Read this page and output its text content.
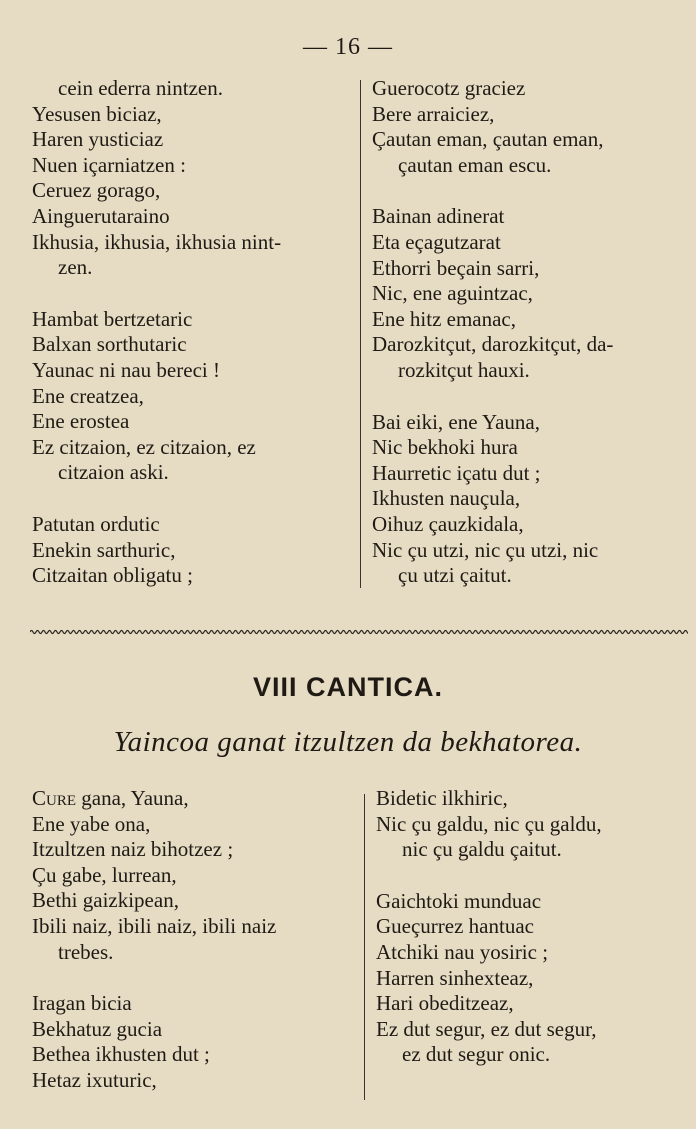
— 16 —
cein ederra nintzen.
Yesusen biciaz,
Haren yusticiaz
Nuen içarniatzen :
Ceruez gorago,
Ainguerutaraino
Ikhusia, ikhusia, ikhusia nint-
zen.
Hambat bertzetaric
Balxan sorthutaric
Yaunac ni nau bereci !
Ene creatzea,
Ene erostea
Ez citzaion, ez citzaion, ez
citzaion aski.
Patutan ordutic
Enekin sarthuric,
Citzaitan obligatu ;
Guerocotz graciez
Bere arraiciez,
Çautan eman, çautan eman,
çautan eman escu.
Bainan adinerat
Eta eçagutzarat
Ethorri beçain sarri,
Nic, ene aguintzac,
Ene hitz emanac,
Darozkitçut, darozkitçut, da-
rozkitçut hauxi.
Bai eiki, ene Yauna,
Nic bekhoki hura
Haurretic içatu dut ;
Ikhusten nauçula,
Oihuz çauzkidala,
Nic çu utzi, nic çu utzi, nic
çu utzi çaitut.
VIII CANTICA.
Yaincoa ganat itzultzen da bekhatorea.
Cure gana, Yauna,
Ene yabe ona,
Itzultzen naiz bihotzez ;
Çu gabe, lurrean,
Bethi gaizkipean,
Ibili naiz, ibili naiz, ibili naiz
trebes.
Iragan bicia
Bekhatuz gucia
Bethea ikhusten dut ;
Hetaz ixuturic,
Bidetic ilkhiric,
Nic çu galdu, nic çu galdu,
nic çu galdu çaitut.
Gaichtoki munduac
Gueçurrez hantuac
Atchiki nau yosiric ;
Harren sinhexteaz,
Hari obeditzeaz,
Ez dut segur, ez dut segur,
ez dut segur onic.
